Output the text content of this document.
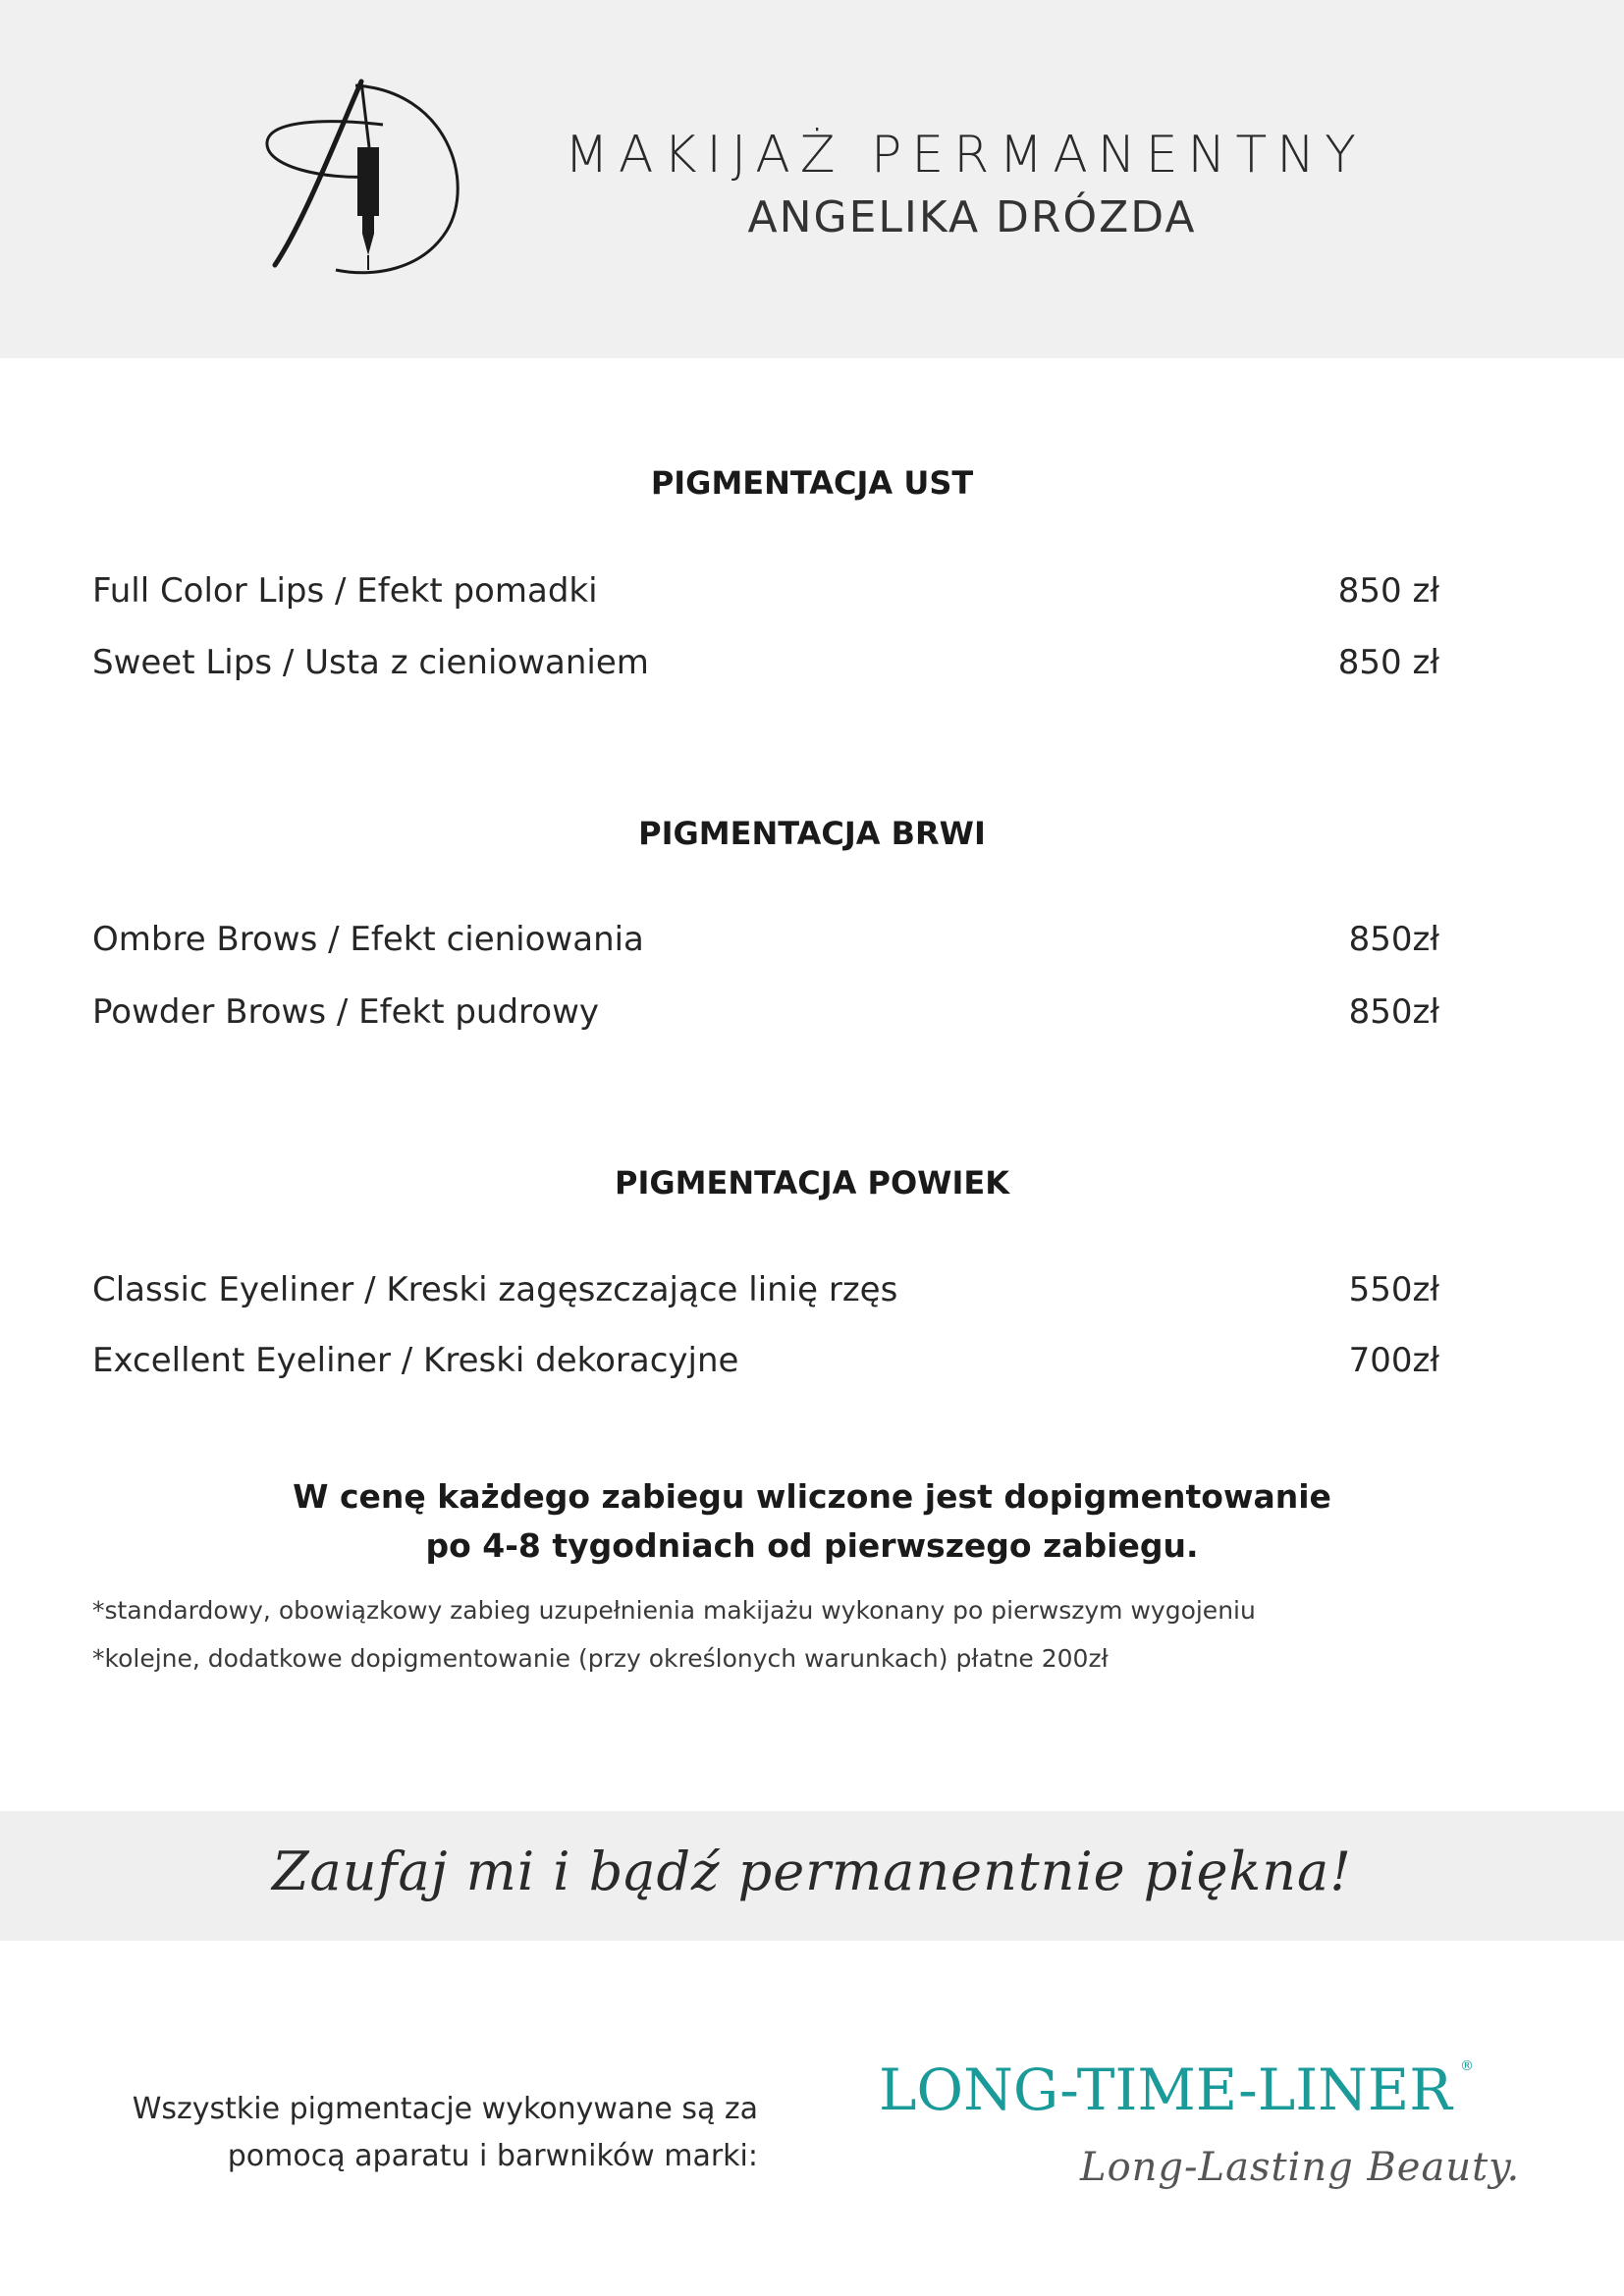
MAKIJAŻ PERMANENTNY
ANGELIKA DRÓZDA
PIGMENTACJA UST
Full Color Lips / Efekt pomadki	850 zł
Sweet Lips / Usta z cieniowaniem	850 zł
PIGMENTACJA BRWI
Ombre Brows / Efekt cieniowania	850zł
Powder Brows / Efekt pudrowy	850zł
PIGMENTACJA POWIEK
Classic Eyeliner / Kreski zagęszczające linię rzęs	550zł
Excellent Eyeliner / Kreski dekoracyjne	700zł
W cenę każdego zabiegu wliczone jest dopigmentowanie
po 4-8 tygodniach od pierwszego zabiegu.
*standardowy, obowiązkowy zabieg uzupełnienia makijażu wykonany po pierwszym wygojeniu
*kolejne, dodatkowe dopigmentowanie (przy określonych warunkach) płatne 200zł
Zaufaj mi i bądź permanentnie piękna!
Wszystkie pigmentacje wykonywane są za
pomocą aparatu i barwników marki:
LONG-TIME-LINER ®
Long-Lasting Beauty.
